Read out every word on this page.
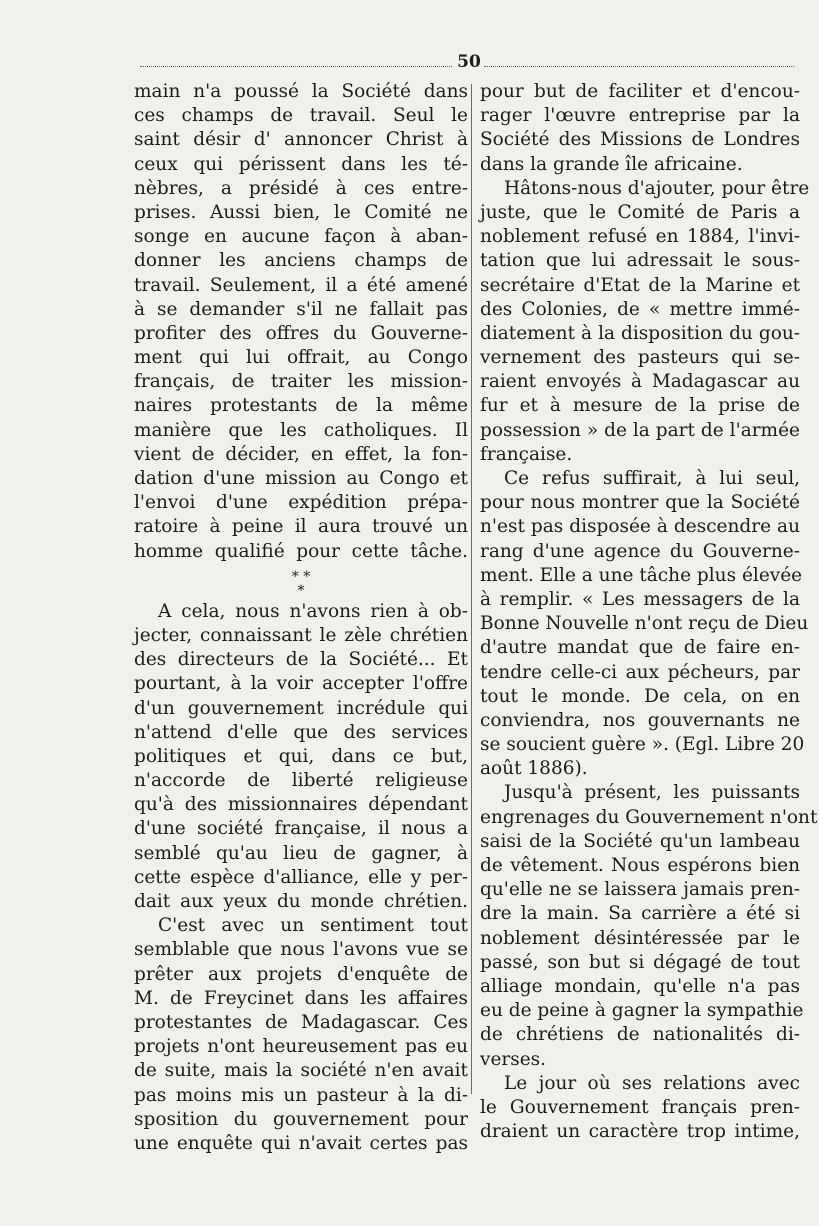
50
main n'a poussé la Société dans
ces champs de travail. Seul le
saint désir d' annoncer Christ à
ceux qui périssent dans les té-
nèbres, a présidé à ces entre-
prises. Aussi bien, le Comité ne
songe en aucune façon à aban-
donner les anciens champs de
travail. Seulement, il a été amené
à se demander s'il ne fallait pas
profiter des offres du Gouverne-
ment qui lui offrait, au Congo
français, de traiter les mission-
naires protestants de la même
manière que les catholiques. Il
vient de décider, en effet, la fon-
dation d'une mission au Congo et
l'envoi d'une expédition prépa-
ratoire à peine il aura trouvé un
homme qualifié pour cette tâche.
* *
*
A cela, nous n'avons rien à ob-
jecter, connaissant le zèle chrétien
des directeurs de la Société... Et
pourtant, à la voir accepter l'offre
d'un gouvernement incrédule qui
n'attend d'elle que des services
politiques et qui, dans ce but,
n'accorde de liberté religieuse
qu'à des missionnaires dépendant
d'une société française, il nous a
semblé qu'au lieu de gagner, à
cette espèce d'alliance, elle y per-
dait aux yeux du monde chrétien.
C'est avec un sentiment tout
semblable que nous l'avons vue se
prêter aux projets d'enquête de
M. de Freycinet dans les affaires
protestantes de Madagascar. Ces
projets n'ont heureusement pas eu
de suite, mais la société n'en avait
pas moins mis un pasteur à la di-
sposition du gouvernement pour
une enquête qui n'avait certes pas
pour but de faciliter et d'encou-
rager l'œuvre entreprise par la
Société des Missions de Londres
dans la grande île africaine.
Hâtons-nous d'ajouter, pour être
juste, que le Comité de Paris a
noblement refusé en 1884, l'invi-
tation que lui adressait le sous-
secrétaire d'Etat de la Marine et
des Colonies, de « mettre immé-
diatement à la disposition du gou-
vernement des pasteurs qui se-
raient envoyés à Madagascar au
fur et à mesure de la prise de
possession » de la part de l'armée
française.
Ce refus suffirait, à lui seul,
pour nous montrer que la Société
n'est pas disposée à descendre au
rang d'une agence du Gouverne-
ment. Elle a une tâche plus élevée
à remplir. « Les messagers de la
Bonne Nouvelle n'ont reçu de Dieu
d'autre mandat que de faire en-
tendre celle-ci aux pécheurs, par
tout le monde. De cela, on en
conviendra, nos gouvernants ne
se soucient guère ». (Egl. Libre 20
août 1886).
Jusqu'à présent, les puissants
engrenages du Gouvernement n'ont
saisi de la Société qu'un lambeau
de vêtement. Nous espérons bien
qu'elle ne se laissera jamais pren-
dre la main. Sa carrière a été si
noblement désintéressée par le
passé, son but si dégagé de tout
alliage mondain, qu'elle n'a pas
eu de peine à gagner la sympathie
de chrétiens de nationalités di-
verses.
Le jour où ses relations avec
le Gouvernement français pren-
draient un caractère trop intime,
